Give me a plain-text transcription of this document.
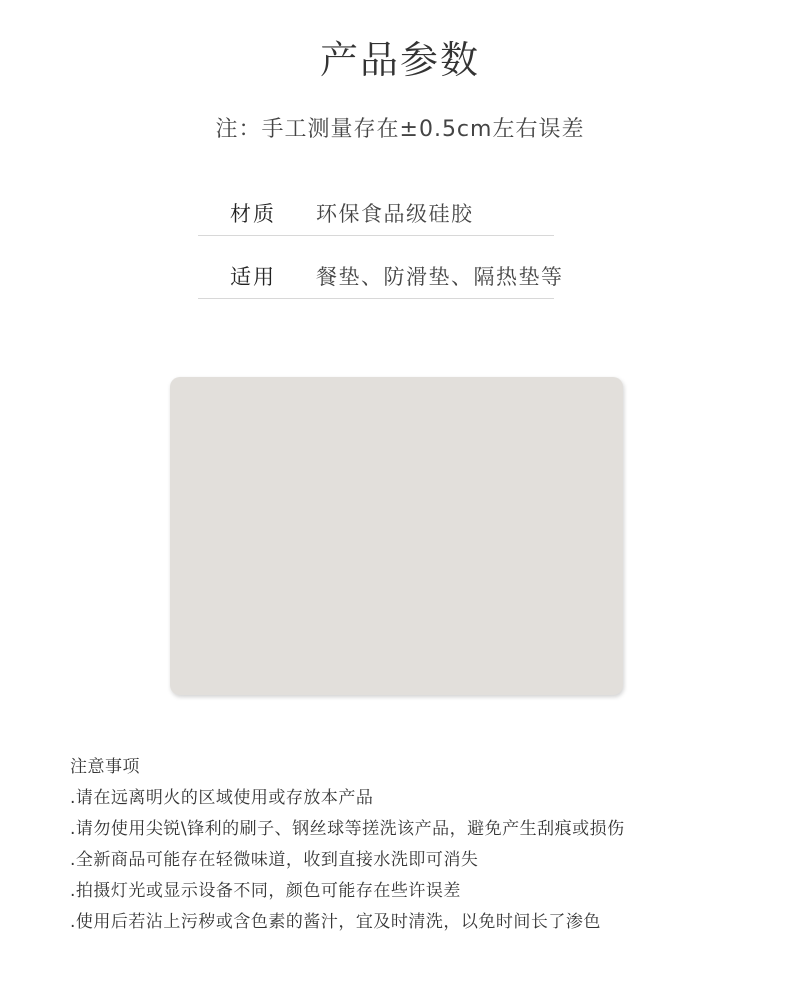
产品参数
注：手工测量存在±0.5cm左右误差
材质 环保食品级硅胶
适用 餐垫、防滑垫、隔热垫等
注意事项
.请在远离明火的区域使用或存放本产品
.请勿使用尖锐\锋利的刷子、钢丝球等搓洗该产品，避免产生刮痕或损伤
.全新商品可能存在轻微味道，收到直接水洗即可消失
.拍摄灯光或显示设备不同，颜色可能存在些许误差
.使用后若沾上污秽或含色素的酱汁，宜及时清洗，以免时间长了渗色
